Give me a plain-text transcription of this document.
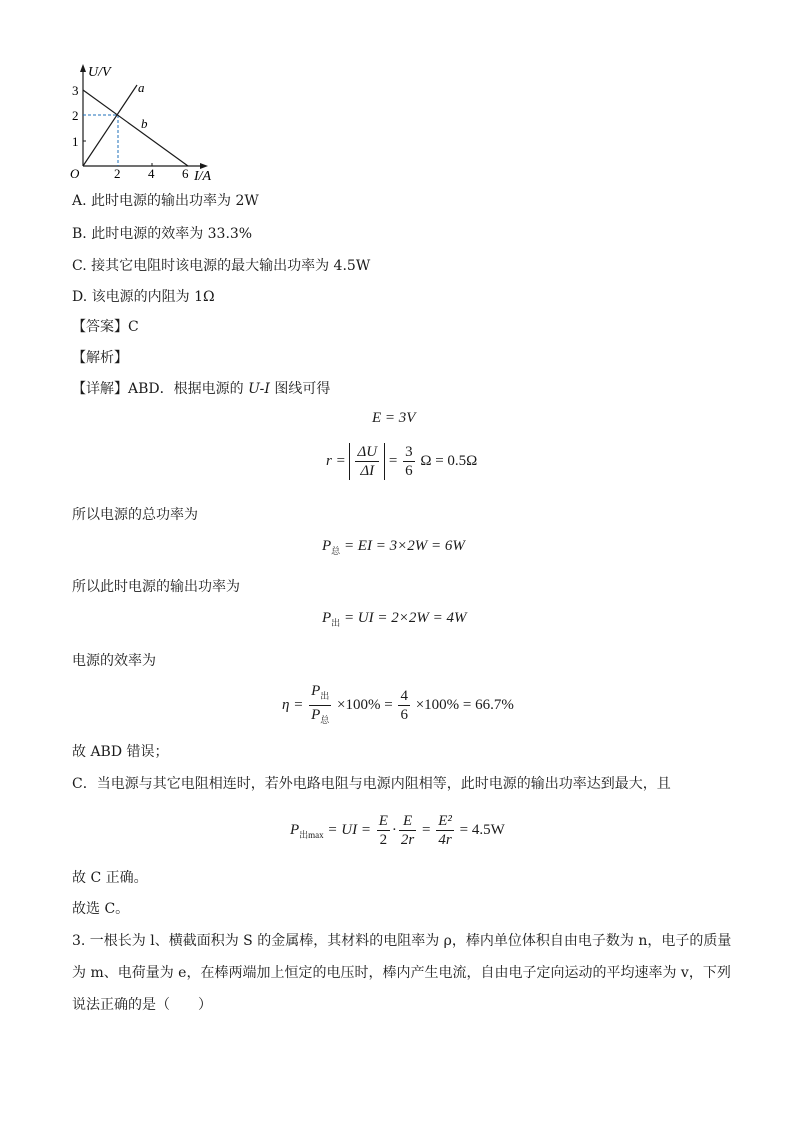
U/V
3
2
1
O	2 4 6 I/A
a
b
A. 此时电源的输出功率为 2W
B. 此时电源的效率为 33.3%
C. 接其它电阻时该电源的最大输出功率为 4.5W
D. 该电源的内阻为 1Ω
【答案】C
【解析】
【详解】ABD．根据电源的 U-I 图线可得
E = 3V
$r = \frac{\Delta U}{\Delta I} = \frac{3}{6}$ Ω = 0.5Ω
所以电源的总功率为
$P_总$ = EI = 3×2W = 6W
所以此时电源的输出功率为
$P_出$ = UI = 2×2W = 4W
电源的效率为
$\eta = \frac{P_出}{P_总} \times 100\% = \frac{4}{6} \times 100\% = 66.7\%$
故 ABD 错误；
C．当电源与其它电阻相连时，若外电路电阻与电源内阻相等，此时电源的输出功率达到最大，且
$P_{出max}$ = UI = $\frac{E}{2} \cdot \frac{E}{2r} = \frac{\text{E²}}{4r} = 4.5W$
故 C 正确。
故选 C。
3. 一根长为 l、横截面积为 S 的金属棒，其材料的电阻率为 ρ，棒内单位体积自由电子数为 n，电子的质量
为 m、电荷量为 e，在棒两端加上恒定的电压时，棒内产生电流，自由电子定向运动的平均速率为 v，下列
说法正确的是（　　）
